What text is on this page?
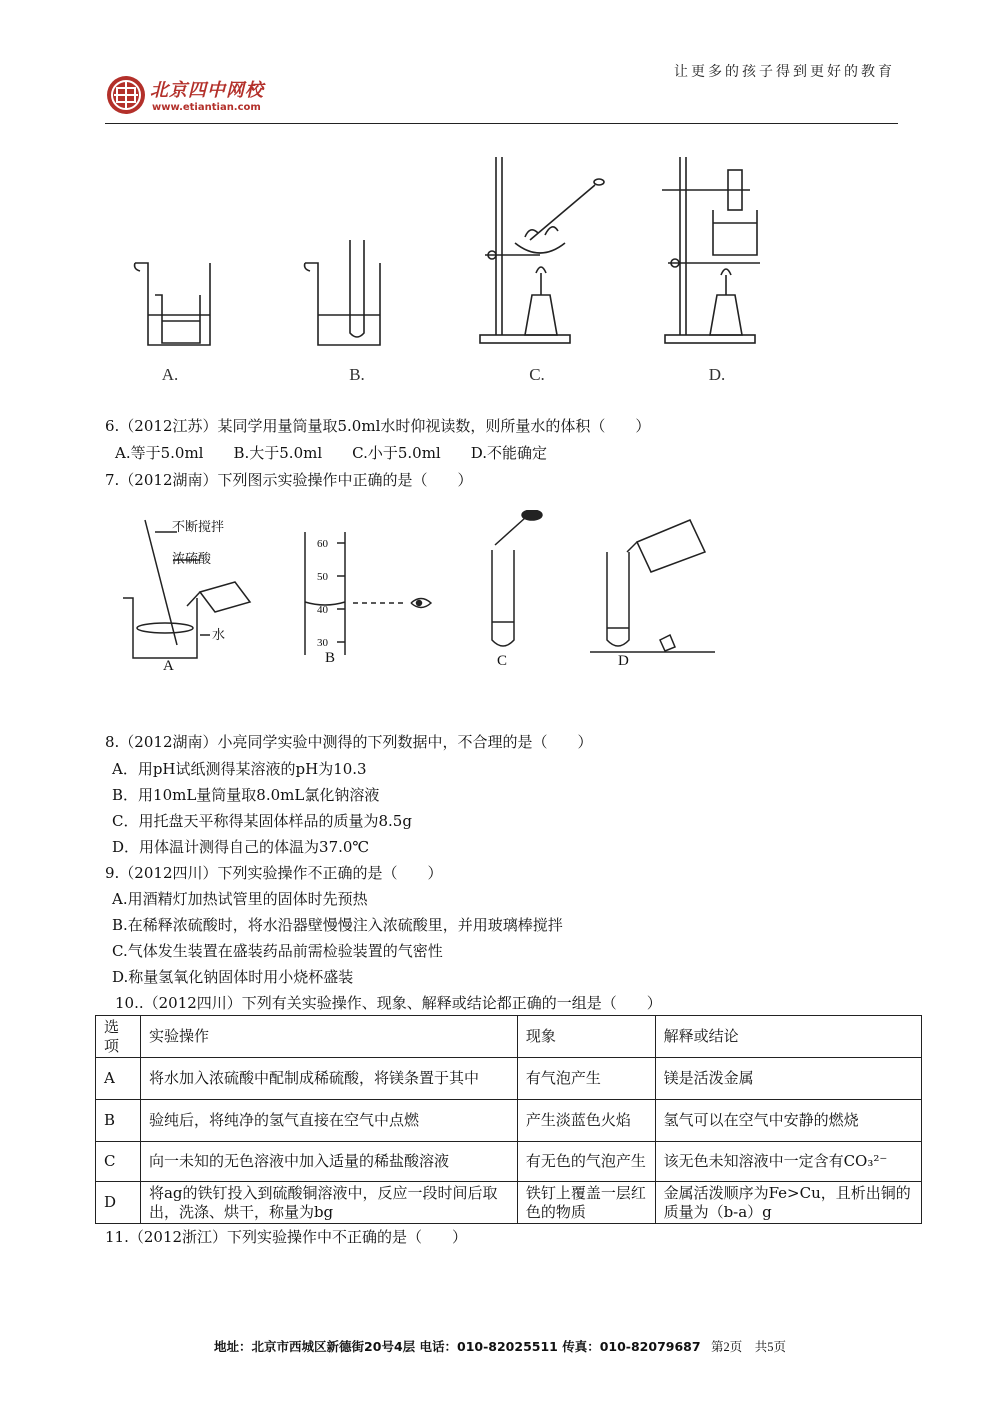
北京四中网校
www.etiantian.com
让更多的孩子得到更好的教育
A.	B.	C.	D.
6.（2012江苏）某同学用量筒量取5.0ml水时仰视读数，则所量水的体积（　　）
A.等于5.0ml　　B.大于5.0ml　　C.小于5.0ml　　D.不能确定
7.（2012湖南）下列图示实验操作中正确的是（　　）
不断搅拌
浓硫酸
水
60
50
40
30
A	B	C	D
8.（2012湖南）小亮同学实验中测得的下列数据中，不合理的是（　　）
A．用pH试纸测得某溶液的pH为10.3
B．用10mL量筒量取8.0mL氯化钠溶液
C．用托盘天平称得某固体样品的质量为8.5g
D．用体温计测得自己的体温为37.0℃
9.（2012四川）下列实验操作不正确的是（　　）
A.用酒精灯加热试管里的固体时先预热
B.在稀释浓硫酸时，将水沿器壁慢慢注入浓硫酸里，并用玻璃棒搅拌
C.气体发生装置在盛装药品前需检验装置的气密性
D.称量氢氧化钠固体时用小烧杯盛装
10..（2012四川）下列有关实验操作、现象、解释或结论都正确的一组是（　　）
选项	实验操作	现象	解释或结论
A	将水加入浓硫酸中配制成稀硫酸，将镁条置于其中	有气泡产生	镁是活泼金属
B	验纯后，将纯净的氢气直接在空气中点燃	产生淡蓝色火焰	氢气可以在空气中安静的燃烧
C	向一未知的无色溶液中加入适量的稀盐酸溶液	有无色的气泡产生	该无色未知溶液中一定含有CO₃²⁻
D	将ag的铁钉投入到硫酸铜溶液中，反应一段时间后取出，洗涤、烘干，称量为bg	铁钉上覆盖一层红色的物质	金属活泼顺序为Fe>Cu，且析出铜的质量为（b-a）g
11.（2012浙江）下列实验操作中不正确的是（　　）
地址：北京市西城区新德街20号4层 电话：010-82025511 传真：010-82079687 第2页　共5页
